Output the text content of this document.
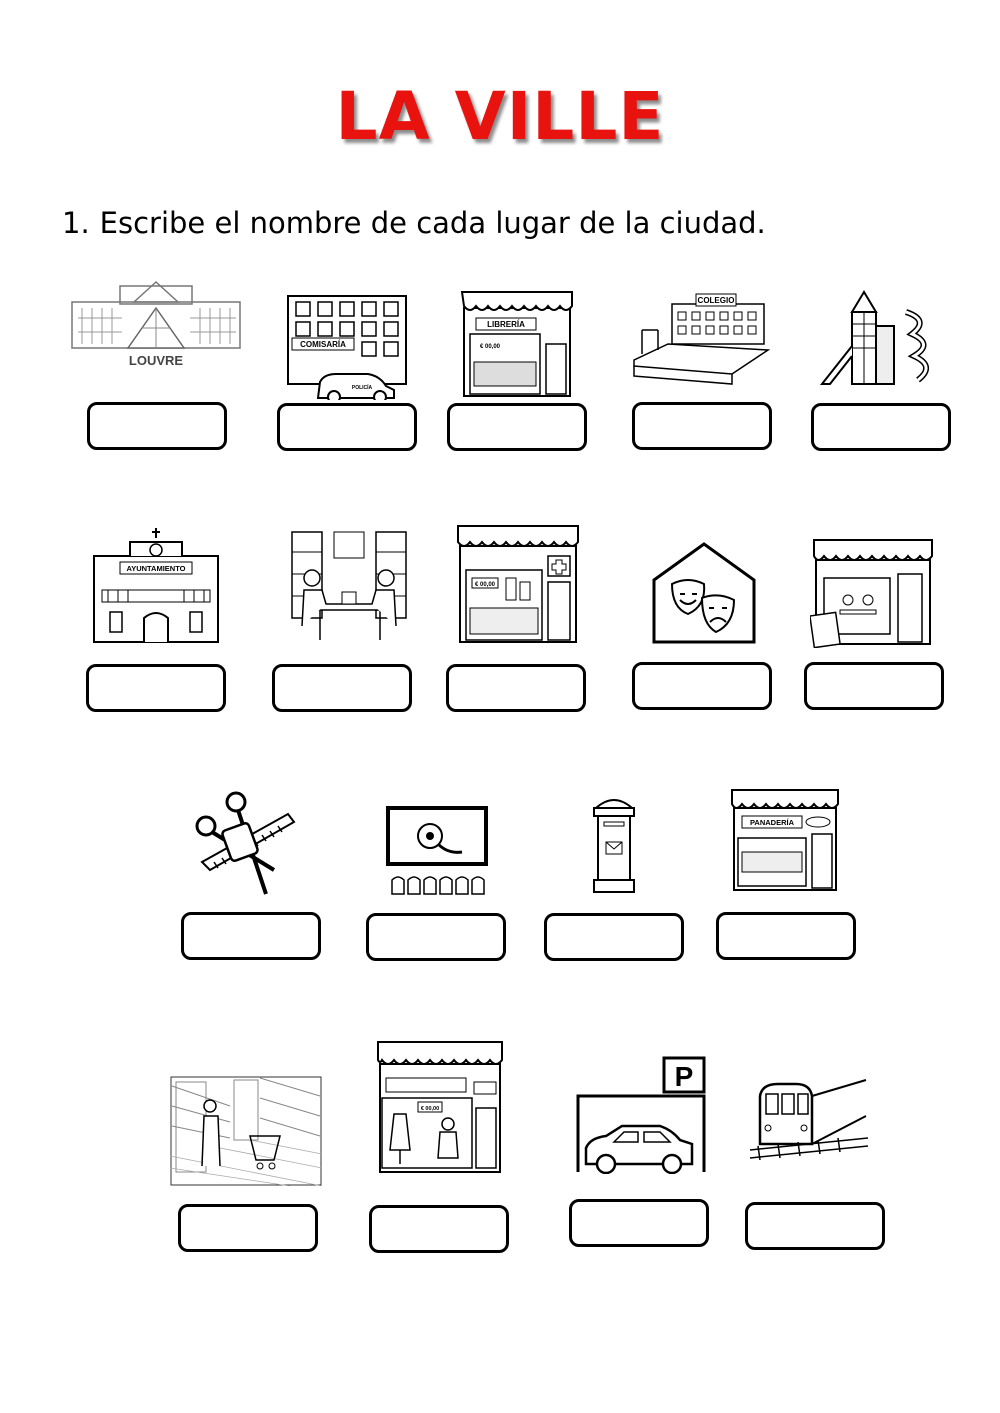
LA VILLE
1. Escribe el nombre de cada lugar de la ciudad.
LOUVRE
COMISARÍA
POLICÍA
LIBRERÍA
€ 00,00
COLEGIO
AYUNTAMIENTO
€ 00,00
PANADERÍA
€ 00,00
P
